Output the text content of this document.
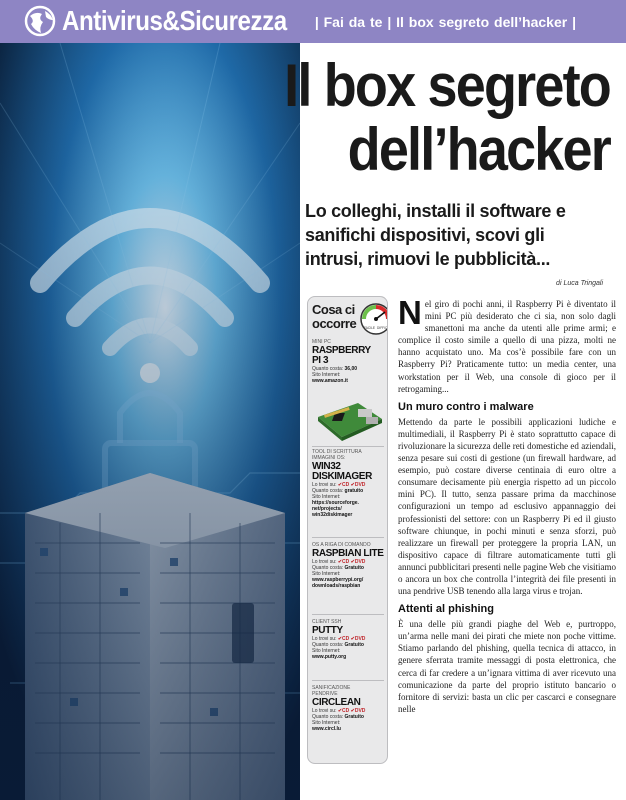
Antivirus&Sicurezza | Fai da te | Il box segreto dell’hacker |
Il box segreto
dell’hacker
Lo colleghi, installi il software e sanifichi dispositivi, scovi gli intrusi, rimuovi le pubblicità...
di Luca Tringali
Cosa ci
occorre FACILE DIFFICILE
MINI PC
RASPBERRY
PI 3
Quanto costa: 36,00
Sito Internet:
www.amazon.it
TOOL DI SCRITTURA
IMMAGINI OS:
WIN32
DISKIMAGER
Lo trovi su: ✔CD ✔DVD
Quanto costa: gratuito
Sito Internet:
https://sourceforge.
net/projects/
win32diskimager
OS A RIGA DI COMANDO
RASPBIAN LITE
Lo trovi su: ✔CD ✔DVD
Quanto costa: Gratuito
Sito Internet:
www.raspberrypi.org/
downloads/raspbian
CLIENT SSH
PUTTY
Lo trovi su: ✔CD ✔DVD
Quanto costa: Gratuito
Sito Internet:
www.putty.org
SANIFICAZIONE
PENDRIVE
CIRCLEAN
Lo trovi su: ✔CD ✔DVD
Quanto costa: Gratuito
Sito Internet:
www.circl.lu

Nel giro di pochi anni, il Raspberry Pi è diventato il mini PC più desiderato che ci sia, non solo dagli smanettoni ma anche da utenti alle prime armi; e complice il costo simile a quello di una pizza, molti ne hanno acquistato uno. Ma cos’è possibile fare con un Raspberry Pi? Praticamente tutto: un media center, una workstation per il Web, una console di gioco per il retrogaming...

Un muro contro i malware

Mettendo da parte le possibili applicazioni ludiche e multimediali, il Raspberry Pi è stato soprattutto capace di rivoluzionare la sicurezza delle reti domestiche ed aziendali, senza pesare sui costi di gestione (un firewall hardware, ad esempio, può costare diverse centinaia di euro oltre a consumare decisamente più energia rispetto ad un piccolo mini PC). Il tutto, senza passare prima da macchinose configurazioni un tempo ad esclusivo appannaggio dei professionisti del settore: con un Raspberry Pi ed il giusto software chiunque, in pochi minuti e senza sforzi, può realizzare un firewall per proteggere la propria LAN, un dispositivo capace di filtrare automaticamente tutti gli annunci pubblicitari presenti nelle pagine Web che visitiamo o ancora un box che controlla l’integrità dei file presenti in una pendrive USB tenendo alla larga virus e trojan.

Attenti al phishing

È una delle più grandi piaghe del Web e, purtroppo, un’arma nelle mani dei pirati che miete non poche vittime. Stiamo parlando del phishing, quella tecnica di attacco, in genere sferrata tramite messaggi di posta elettronica, che cerca di far credere a un’ignara vittima di aver ricevuto una comunicazione da parte del proprio istituto bancario o fornitore di servizi: basta un clic per cascarci e consegnare nelle
